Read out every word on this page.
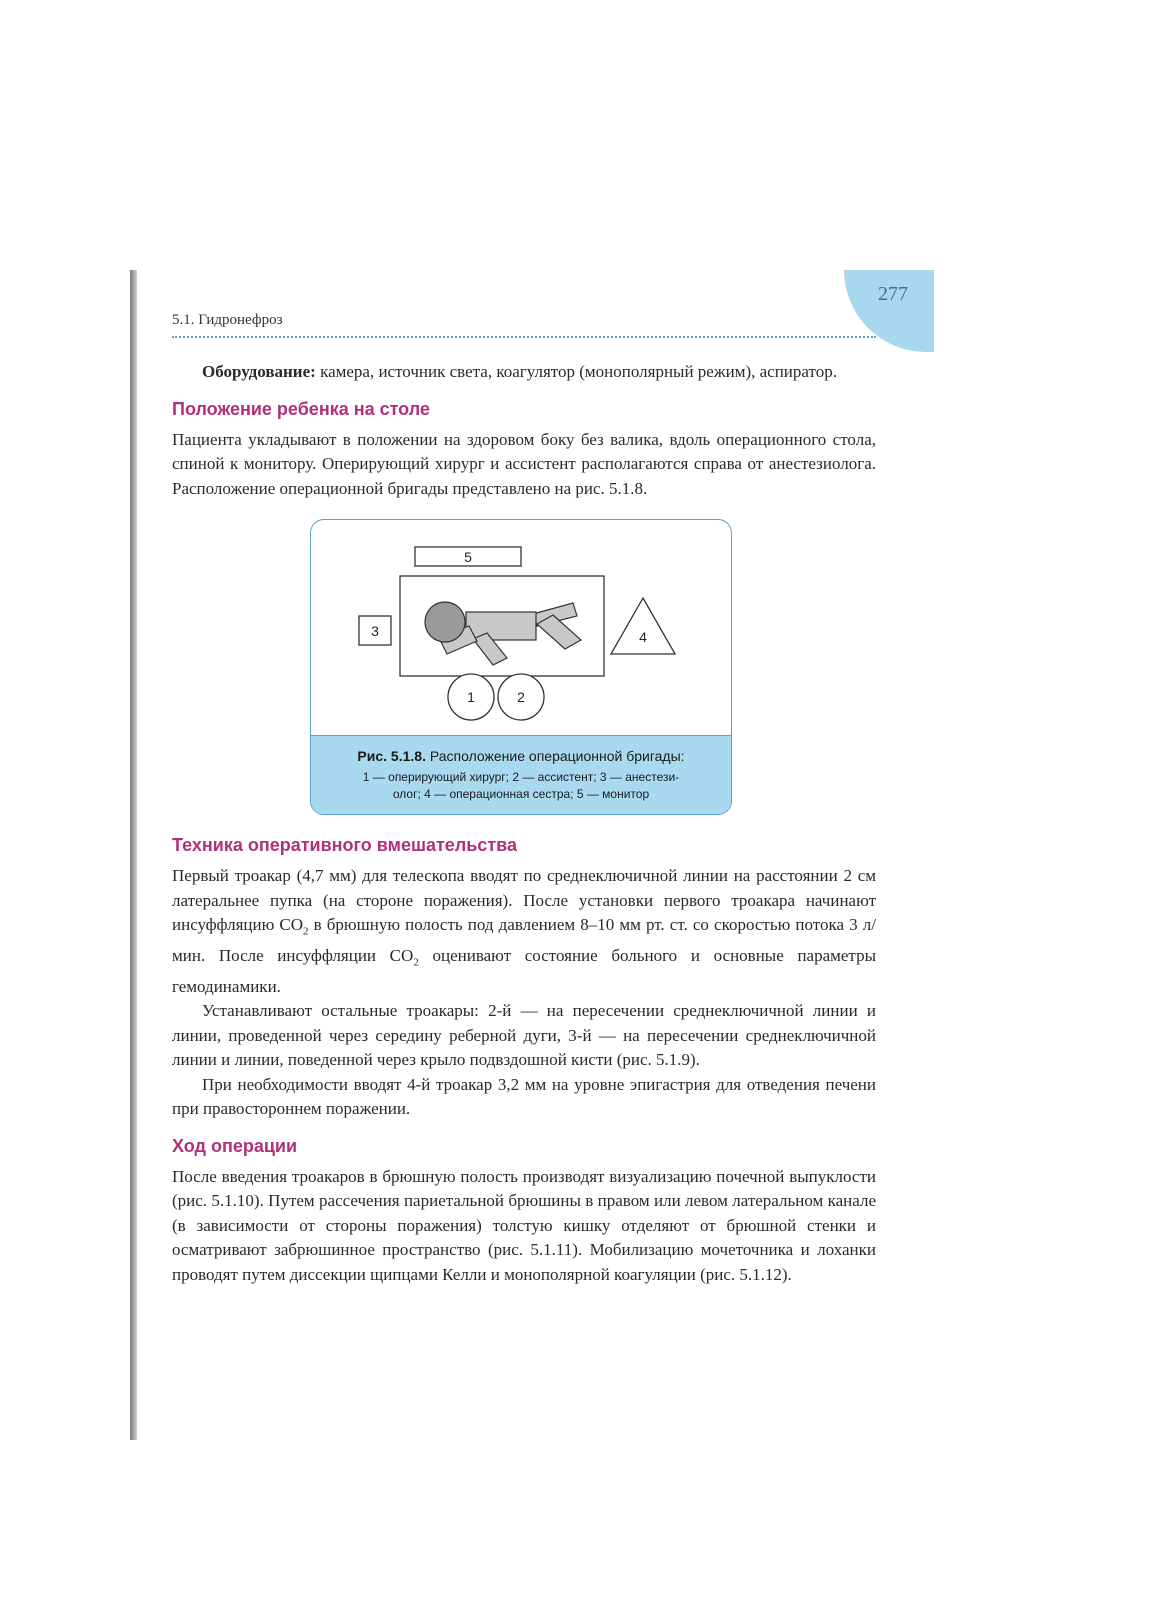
277
5.1. Гидронефроз

Оборудование: камера, источник света, коагулятор (монополярный режим), аспиратор.

Положение ребенка на столе

Пациента укладывают в положении на здоровом боку без валика, вдоль операционного стола, спиной к монитору. Оперирующий хирург и ассистент располагаются справа от анестезиолога. Расположение операционной бригады представлено на рис. 5.1.8.

5
3	4
1	2
Рис. 5.1.8. Расположение операционной бригады:
1 — оперирующий хирург; 2 — ассистент; 3 — анестези-
олог; 4 — операционная сестра; 5 — монитор
Техника оперативного вмешательства

Первый троакар (4,7 мм) для телескопа вводят по среднеключичной линии на расстоянии 2 см латеральнее пупка (на стороне поражения). После установки первого троакара начинают инсуффляцию $CO_2$ в брюшную полость под давлением 8–10 мм рт. ст. со скоростью потока 3 л/мин. После инсуффляции $CO_2$ оценивают состояние больного и основные параметры гемодинамики.

Устанавливают остальные троакары: 2-й — на пересечении среднеключичной линии и линии, проведенной через середину реберной дуги, 3-й — на пересечении среднеключичной линии и линии, поведенной через крыло подвздошной кисти (рис. 5.1.9).

При необходимости вводят 4-й троакар 3,2 мм на уровне эпигастрия для отведения печени при правостороннем поражении.

Ход операции

После введения троакаров в брюшную полость производят визуализацию почечной выпуклости (рис. 5.1.10). Путем рассечения париетальной брюшины в правом или левом латеральном канале (в зависимости от стороны поражения) толстую кишку отделяют от брюшной стенки и осматривают забрюшинное пространство (рис. 5.1.11). Мобилизацию мочеточника и лоханки проводят путем диссекции щипцами Келли и монополярной коагуляции (рис. 5.1.12).
